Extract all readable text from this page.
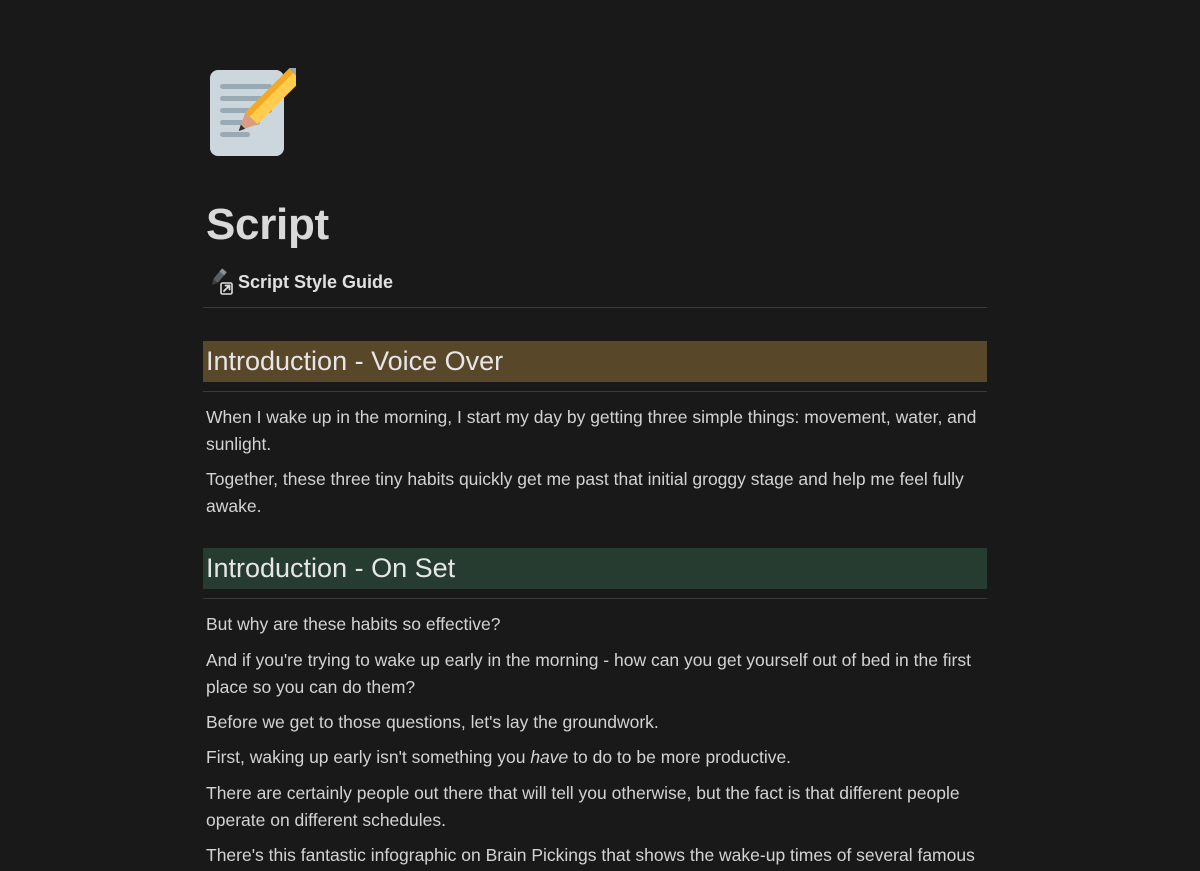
Script
Script Style Guide
Introduction - Voice Over

When I wake up in the morning, I start my day by getting three simple things: movement, water, and sunlight.

Together, these three tiny habits quickly get me past that initial groggy stage and help me feel fully awake.

Introduction - On Set

But why are these habits so effective?

And if you're trying to wake up early in the morning - how can you get yourself out of bed in the first place so you can do them?

Before we get to those questions, let's lay the groundwork.

First, waking up early isn't something you have to do to be more productive.

There are certainly people out there that will tell you otherwise, but the fact is that different people operate on different schedules.

There's this fantastic infographic on Brain Pickings that shows the wake-up times of several famous
